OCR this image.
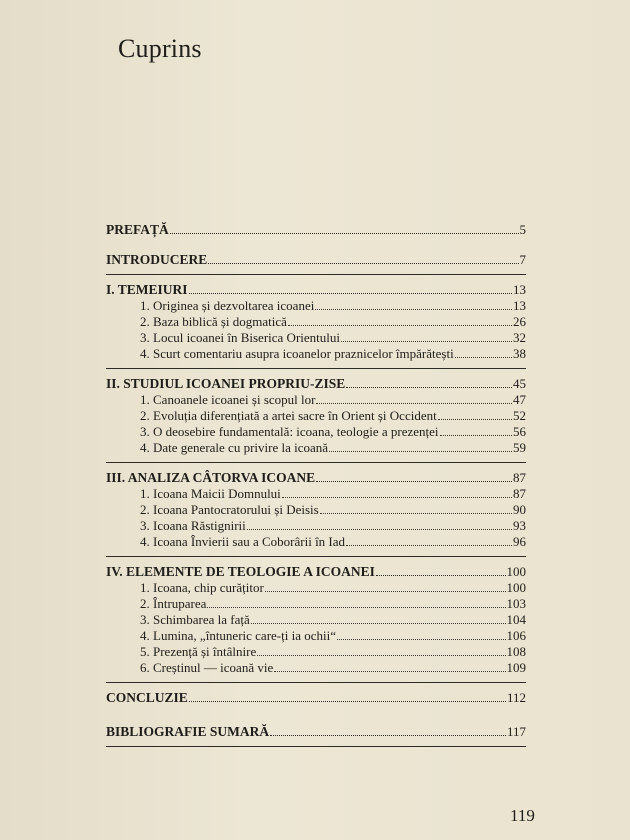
Cuprins
PREFAȚĂ	5
INTRODUCERE	7
I. TEMEIURI	13
1. Originea și dezvoltarea icoanei	13
2. Baza biblică și dogmatică	26
3. Locul icoanei în Biserica Orientului	32
4. Scurt comentariu asupra icoanelor praznicelor împărătești	38
II. STUDIUL ICOANEI PROPRIU-ZISE	45
1. Canoanele icoanei și scopul lor	47
2. Evoluția diferențiată a artei sacre în Orient și Occident	52
3. O deosebire fundamentală: icoana, teologie a prezenței	56
4. Date generale cu privire la icoană	59
III. ANALIZA CÂTORVA ICOANE	87
1. Icoana Maicii Domnului	87
2. Icoana Pantocratorului și Deisis	90
3. Icoana Răstignirii	93
4. Icoana Învierii sau a Coborârii în Iad	96
IV. ELEMENTE DE TEOLOGIE A ICOANEI	100
1. Icoana, chip curățitor	100
2. Întruparea	103
3. Schimbarea la față	104
4. Lumina, „întuneric care-ți ia ochii“	106
5. Prezență și întâlnire	108
6. Creștinul — icoană vie	109
CONCLUZIE	112
BIBLIOGRAFIE SUMARĂ	117
119
